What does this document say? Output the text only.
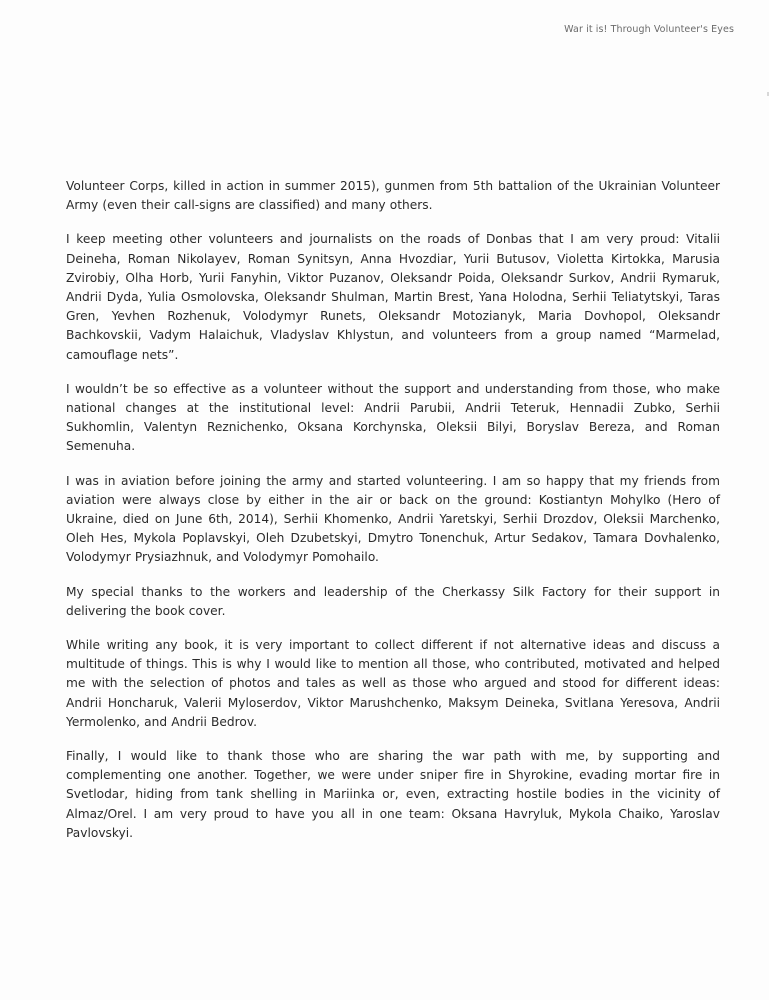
War it is! Through Volunteer's Eyes

Volunteer Corps, killed in action in summer 2015), gunmen from 5th battalion of the Ukrainian Volunteer Army (even their call-signs are classified) and many others.

I keep meeting other volunteers and journalists on the roads of Donbas that I am very proud: Vitalii Deineha, Roman Nikolayev, Roman Synitsyn, Anna Hvozdiar, Yurii Butusov, Violetta Kirtokka, Marusia Zvirobiy, Olha Horb, Yurii Fanyhin, Viktor Puzanov, Oleksandr Poida, Oleksandr Surkov, Andrii Rymaruk, Andrii Dyda, Yulia Osmolovska, Oleksandr Shulman, Martin Brest, Yana Holodna, Serhii Teliatytskyi, Taras Gren, Yevhen Rozhenuk, Volodymyr Runets, Oleksandr Motozianyk, Maria Dovhopol, Oleksandr Bachkovskii, Vadym Halaichuk, Vladyslav Khlystun, and volunteers from a group named “Marmelad, camouflage nets”.

I wouldn’t be so effective as a volunteer without the support and understanding from those, who make national changes at the institutional level: Andrii Parubii, Andrii Teteruk, Hennadii Zubko, Serhii Sukhomlin, Valentyn Reznichenko, Oksana Korchynska, Oleksii Bilyi, Boryslav Bereza, and Roman Semenuha.

I was in aviation before joining the army and started volunteering. I am so happy that my friends from aviation were always close by either in the air or back on the ground: Kostiantyn Mohylko (Hero of Ukraine, died on June 6th, 2014), Serhii Khomenko, Andrii Yaretskyi, Serhii Drozdov, Oleksii Marchenko, Oleh Hes, Mykola Poplavskyi, Oleh Dzubetskyi, Dmytro Tonenchuk, Artur Sedakov, Tamara Dovhalenko, Volodymyr Prysiazhnuk, and Volodymyr Pomohailo.

My special thanks to the workers and leadership of the Cherkassy Silk Factory for their support in delivering the book cover.

While writing any book, it is very important to collect different if not alternative ideas and discuss a multitude of things. This is why I would like to mention all those, who contributed, motivated and helped me with the selection of photos and tales as well as those who argued and stood for different ideas: Andrii Honcharuk, Valerii Myloserdov, Viktor Marushchenko, Maksym Deineka, Svitlana Yeresova, Andrii Yermolenko, and Andrii Bedrov.

Finally, I would like to thank those who are sharing the war path with me, by supporting and complementing one another. Together, we were under sniper fire in Shyrokine, evading mortar fire in Svetlodar, hiding from tank shelling in Mariinka or, even, extracting hostile bodies in the vicinity of Almaz/Orel. I am very proud to have you all in one team: Oksana Havryluk, Mykola Chaiko, Yaroslav Pavlovskyi.
